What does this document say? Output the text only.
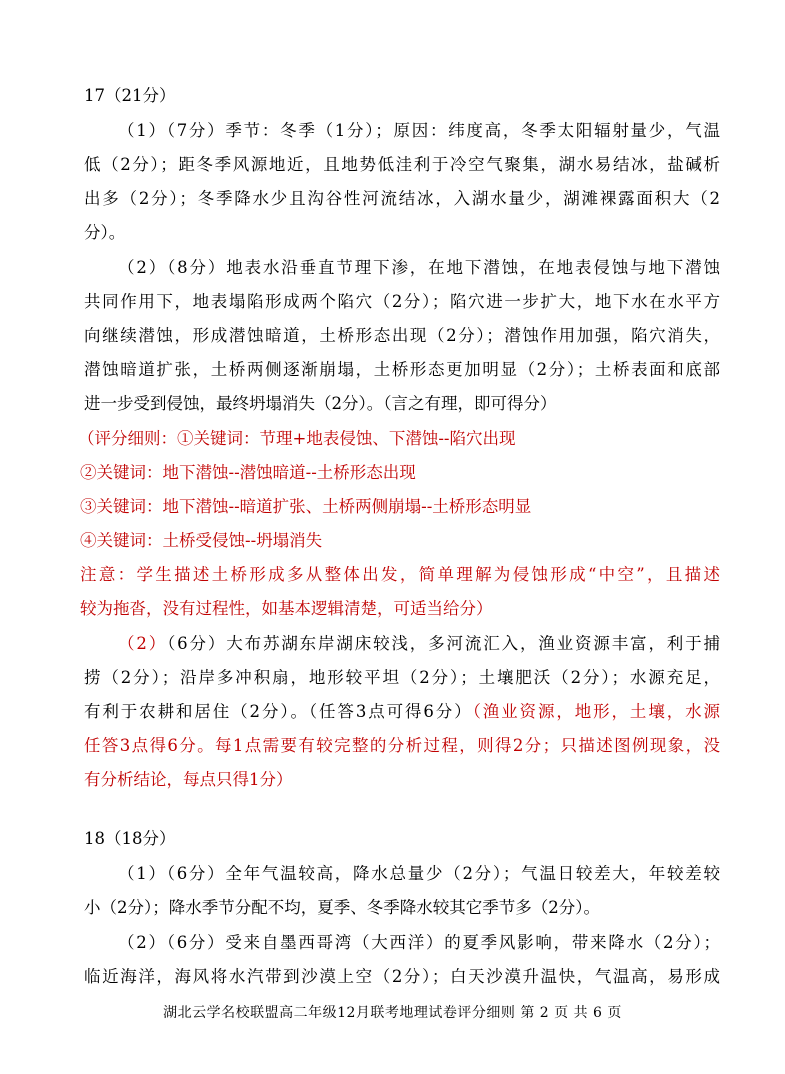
17（21分）
（1）（7分）季节：冬季（1分）；原因：纬度高，冬季太阳辐射量少，气温
低（2分）；距冬季风源地近，且地势低洼利于冷空气聚集，湖水易结冰，盐碱析
出多（2分）；冬季降水少且沟谷性河流结冰，入湖水量少，湖滩裸露面积大（2
分）。
（2）（8分）地表水沿垂直节理下渗，在地下潜蚀，在地表侵蚀与地下潜蚀
共同作用下，地表塌陷形成两个陷穴（2分）；陷穴进一步扩大，地下水在水平方
向继续潜蚀，形成潜蚀暗道，土桥形态出现（2分）；潜蚀作用加强，陷穴消失，
潜蚀暗道扩张，土桥两侧逐渐崩塌，土桥形态更加明显（2分）；土桥表面和底部
进一步受到侵蚀，最终坍塌消失（2分）。（言之有理，即可得分）
（评分细则：①关键词：节理+地表侵蚀、下潜蚀--陷穴出现
②关键词：地下潜蚀--潜蚀暗道--土桥形态出现
③关键词：地下潜蚀--暗道扩张、土桥两侧崩塌--土桥形态明显
④关键词：土桥受侵蚀--坍塌消失
注意：学生描述土桥形成多从整体出发，简单理解为侵蚀形成“中空”，且描述
较为拖沓，没有过程性，如基本逻辑清楚，可适当给分）
（2）（6分）大布苏湖东岸湖床较浅，多河流汇入，渔业资源丰富，利于捕
捞（2分）；沿岸多冲积扇，地形较平坦（2分）；土壤肥沃（2分）；水源充足，
有利于农耕和居住（2分）。（任答3点可得6分）（渔业资源，地形，土壤，水源
任答3点得6分。每1点需要有较完整的分析过程，则得2分；只描述图例现象，没
有分析结论，每点只得1分）
18（18分）
（1）（6分）全年气温较高，降水总量少（2分）；气温日较差大，年较差较
小（2分）；降水季节分配不均，夏季、冬季降水较其它季节多（2分）。
（2）（6分）受来自墨西哥湾（大西洋）的夏季风影响，带来降水（2分）；
临近海洋，海风将水汽带到沙漠上空（2分）；白天沙漠升温快，气温高，易形成
湖北云学名校联盟高二年级12月联考地理试卷评分细则 第 2 页 共 6 页
